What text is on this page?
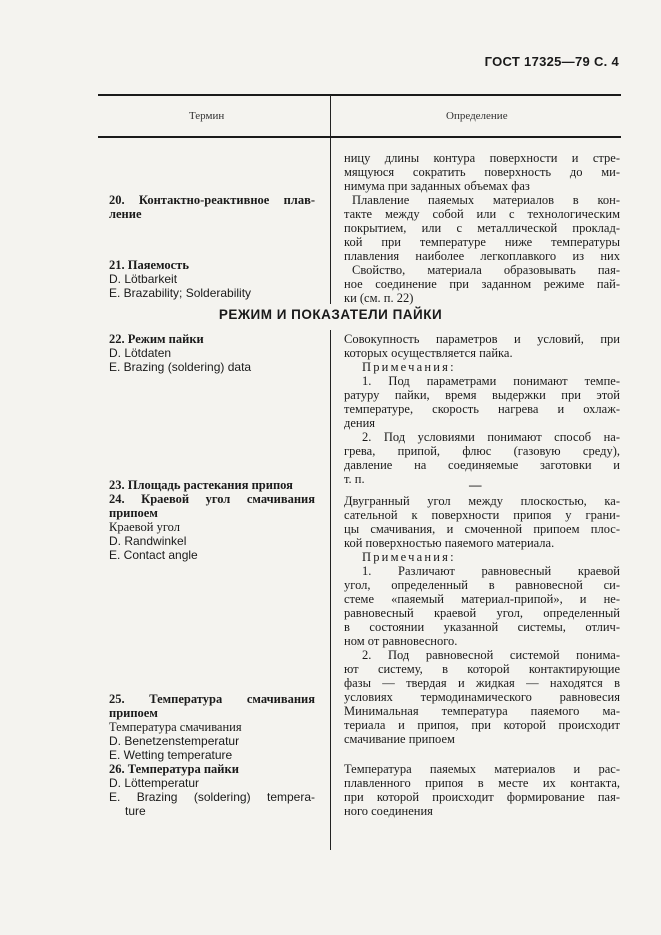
ГОСТ 17325—79 С. 4
Термин	Определение

ницу длины контура поверхности и стре-

мящуюся сократить поверхность до ми-

нимума при заданных объемах фаз

20. Контактно-реактивное плав-

ление

Плавление паяемых материалов в кон-

такте между собой или с технологическим

покрытием, или с металлической проклад-

кой при температуре ниже температуры

плавления наиболее легкоплавкого из них

21. Паяемость

D. Lötbarkeit

E. Brazability; Solderability

Свойство, материала образовывать пая-

ное соединение при заданном режиме пай-

ки (см. п. 22)

РЕЖИМ И ПОКАЗАТЕЛИ ПАЙКИ

22. Режим пайки

D. Lötdaten

E. Brazing (soldering) data

Совокупность параметров и условий, при

которых осуществляется пайка.

Примечания:

1. Под параметрами понимают темпе-

ратуру пайки, время выдержки при этой

температуре, скорость нагрева и охлаж-

дения

2. Под условиями понимают способ на-

грева, припой, флюс (газовую среду),

давление на соединяемые заготовки и

т. п.

23. Площадь растекания припоя	—

24. Краевой угол смачивания

припоем

Краевой угол

D. Randwinkel

E. Contact angle

Двугранный угол между плоскостью, ка-

сательной к поверхности припоя у грани-

цы смачивания, и смоченной припоем плос-

кой поверхностью паяемого материала.

Примечания:

1. Различают равновесный краевой

угол, определенный в равновесной си-

стеме «паяемый материал-припой», и не-

равновесный краевой угол, определенный

в состоянии указанной системы, отлич-

ном от равновесного.

2. Под равновесной системой понима-

ют систему, в которой контактирующие

фазы — твердая и жидкая — находятся в

условиях термодинамического равновесия

25. Температура смачивания

припоем

Температура смачивания

D. Benetzenstemperatur

E. Wetting temperature

Минимальная температура паяемого ма-

териала и припоя, при которой происходит

смачивание припоем

26. Температура пайки

D. Löttemperatur

E. Brazing (soldering) tempera-

ture

Температура паяемых материалов и рас-

плавленного припоя в месте их контакта,

при которой происходит формирование пая-

ного соединения
